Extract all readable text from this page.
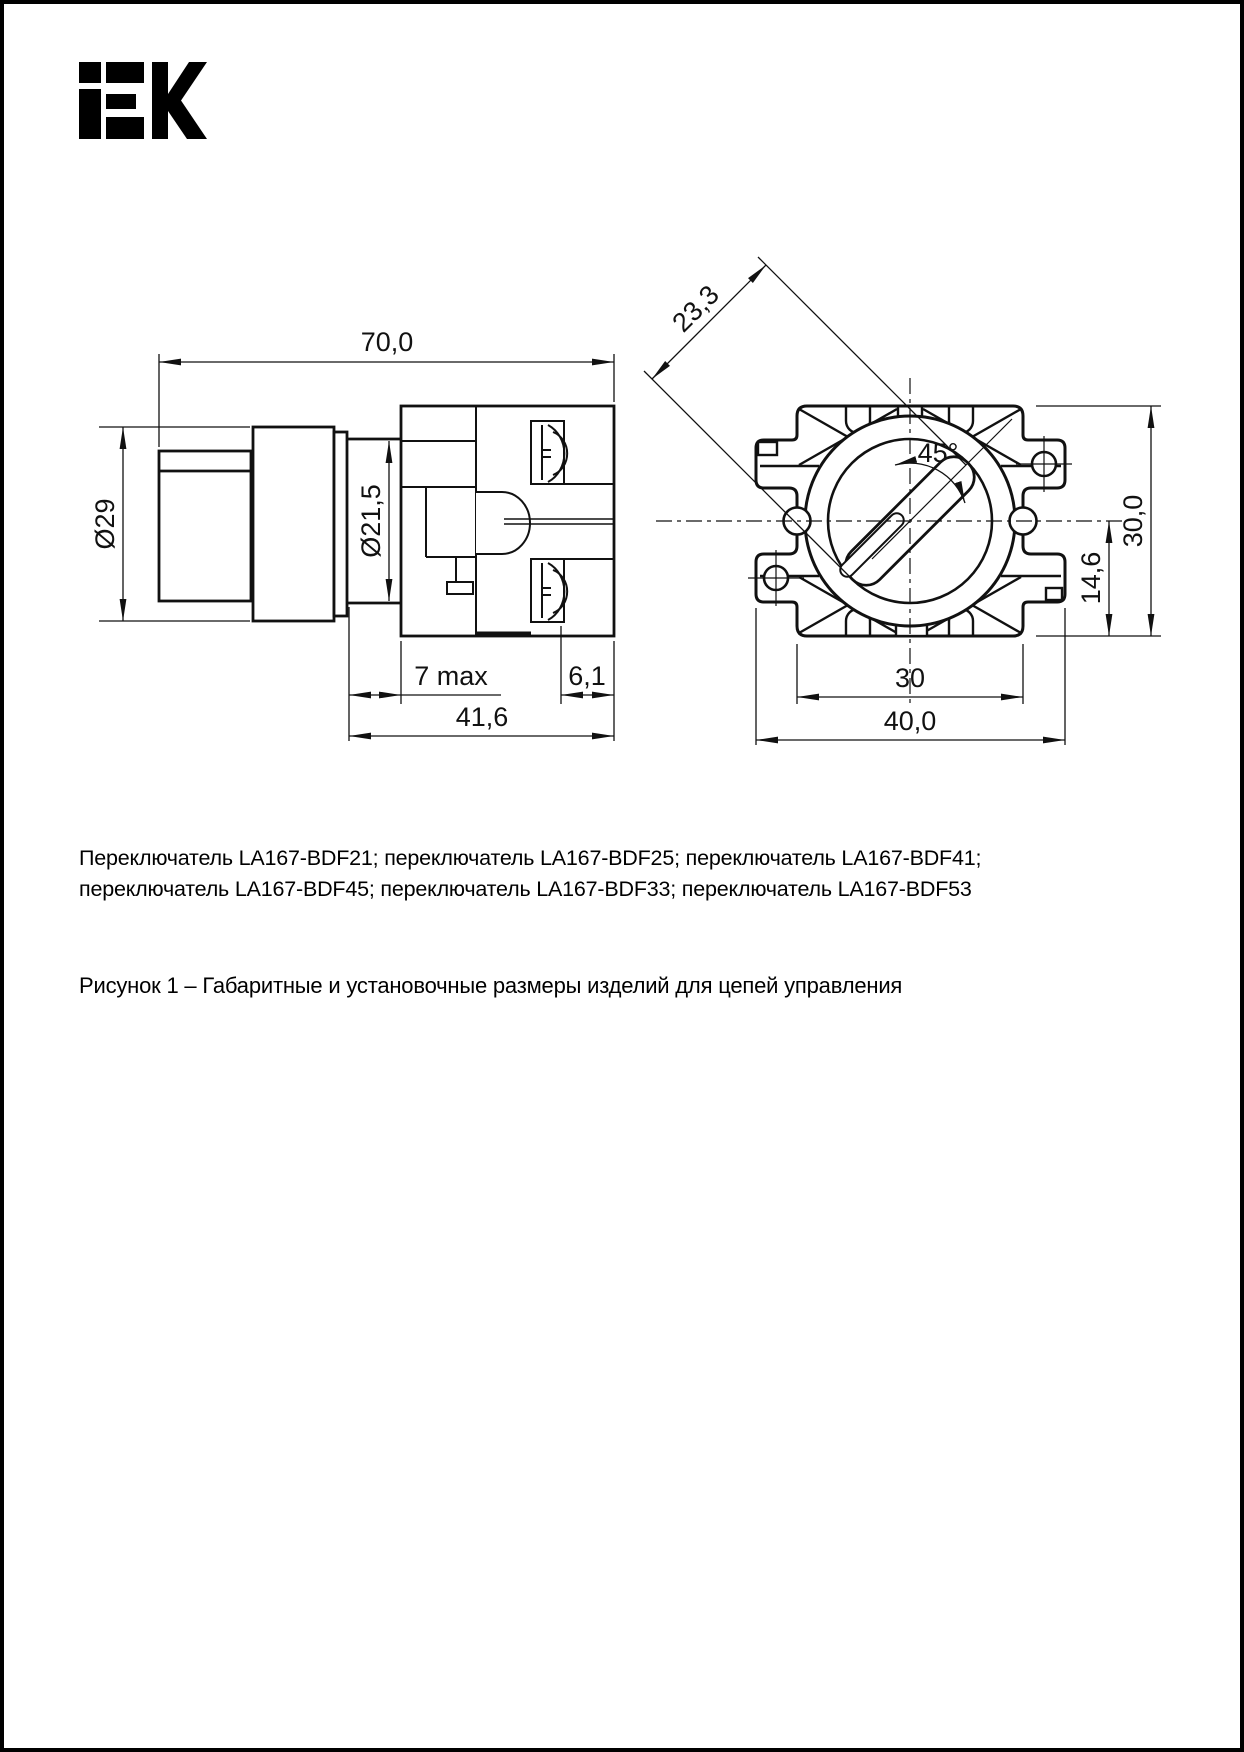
70,0
Ø29	Ø21,5
7 max	6,1
41,6
23,3
45°
30,0
14,6
30
40,0
Переключатель LA167-BDF21; переключатель LA167-BDF25; переключатель LA167-BDF41;
переключатель LA167-BDF45; переключатель LA167-BDF33; переключатель LA167-BDF53
Рисунок 1 – Габаритные и установочные размеры изделий для цепей управления
